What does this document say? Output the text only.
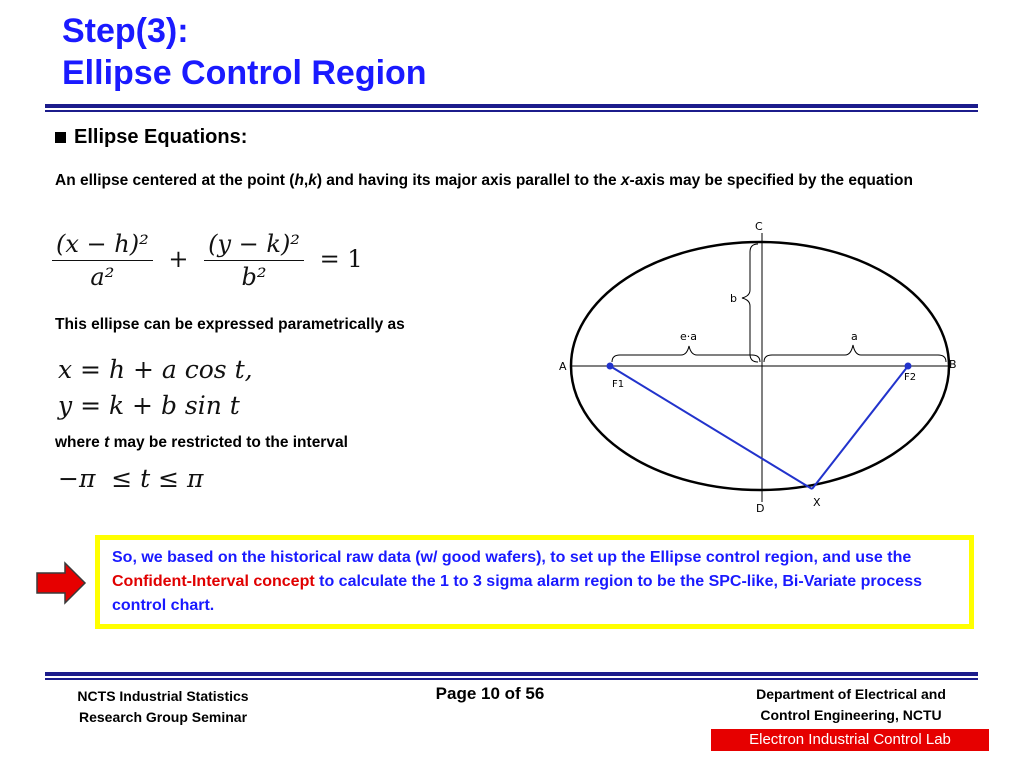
Step(3):
Ellipse Control Region
Ellipse Equations:
An ellipse centered at the point (h,k) and having its major axis parallel to the x-axis may be specified by the equation
$\frac{\text{(x − h)²}}{\text{a²}} + \frac{\text{(y − k)²}}{\text{b²}} = 1$
This ellipse can be expressed parametrically as
x = h + a cos t,
y = k + b sin t
where t may be restricted to the interval
−π  ≤ t ≤ π
C
D
A	B
F1
F2
X
b
a
e·a

So, we based on the historical raw data (w/ good wafers), to set up the Ellipse control region, and use the Confident-Interval concept to calculate the 1 to 3 sigma alarm region to be the SPC-like, Bi-Variate process control chart.

NCTS Industrial Statistics
Research Group Seminar
Page 10 of 56	Department of Electrical and
Control Engineering, NCTU
Electron Industrial Control Lab
